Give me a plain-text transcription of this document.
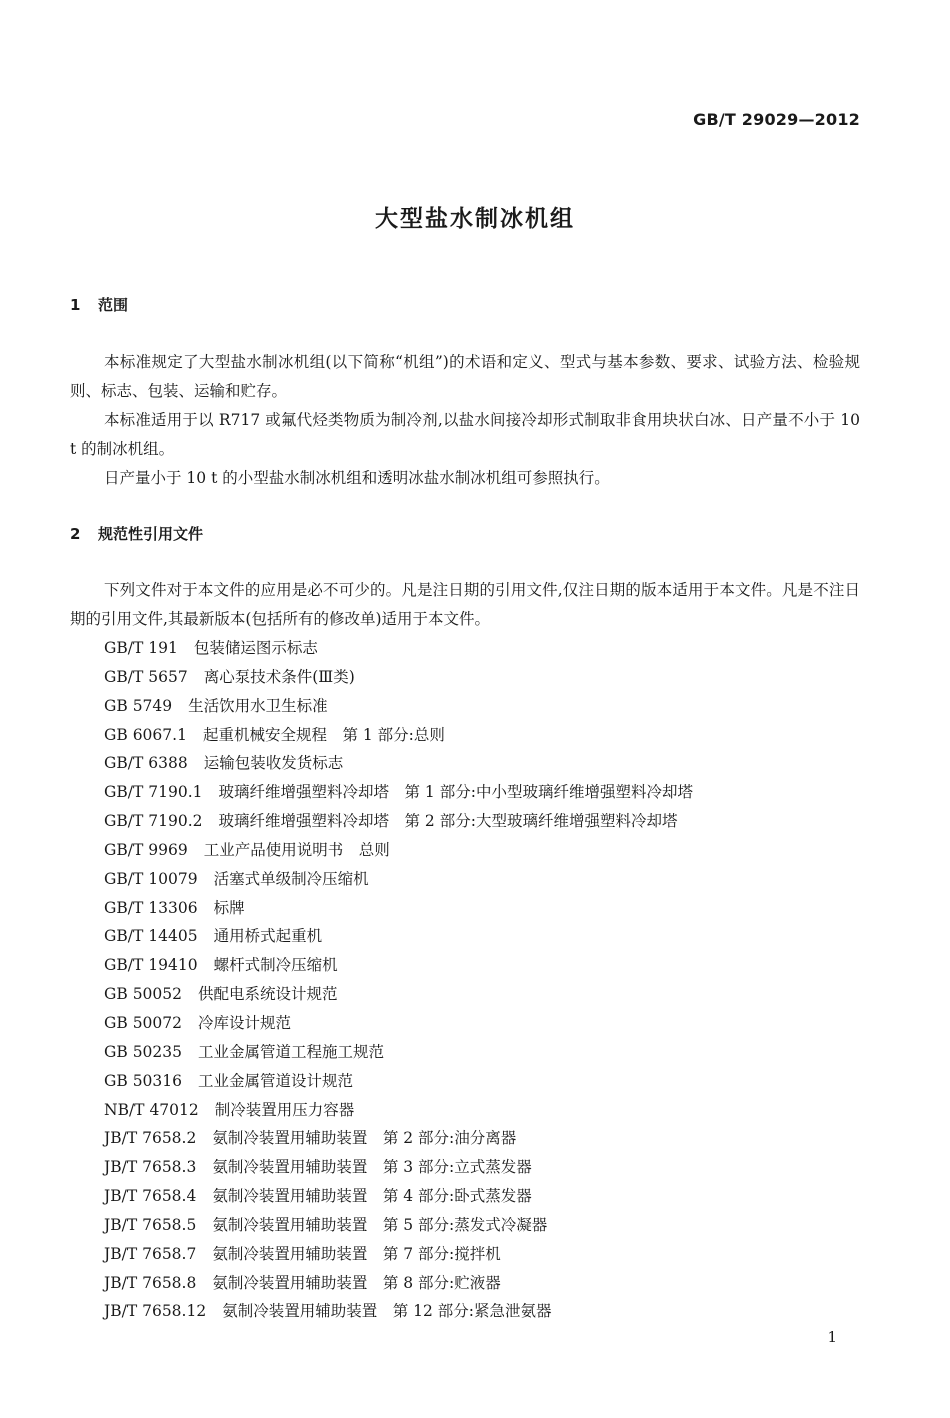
GB/T 29029—2012
大型盐水制冰机组
1 范围

本标准规定了大型盐水制冰机组(以下简称“机组”)的术语和定义、型式与基本参数、要求、试验方法、检验规则、标志、包装、运输和贮存。

本标准适用于以 R717 或氟代烃类物质为制冷剂,以盐水间接冷却形式制取非食用块状白冰、日产量不小于 10 t 的制冰机组。

日产量小于 10 t 的小型盐水制冰机组和透明冰盐水制冰机组可参照执行。

2 规范性引用文件

下列文件对于本文件的应用是必不可少的。凡是注日期的引用文件,仅注日期的版本适用于本文件。凡是不注日期的引用文件,其最新版本(包括所有的修改单)适用于本文件。

GB/T 191 包装储运图示标志
GB/T 5657 离心泵技术条件(Ⅲ类)
GB 5749 生活饮用水卫生标准
GB 6067.1 起重机械安全规程　第 1 部分:总则
GB/T 6388 运输包装收发货标志
GB/T 7190.1 玻璃纤维增强塑料冷却塔　第 1 部分:中小型玻璃纤维增强塑料冷却塔
GB/T 7190.2 玻璃纤维增强塑料冷却塔　第 2 部分:大型玻璃纤维增强塑料冷却塔
GB/T 9969 工业产品使用说明书　总则
GB/T 10079 活塞式单级制冷压缩机
GB/T 13306 标牌
GB/T 14405 通用桥式起重机
GB/T 19410 螺杆式制冷压缩机
GB 50052 供配电系统设计规范
GB 50072 冷库设计规范
GB 50235 工业金属管道工程施工规范
GB 50316 工业金属管道设计规范
NB/T 47012 制冷装置用压力容器
JB/T 7658.2 氨制冷装置用辅助装置　第 2 部分:油分离器
JB/T 7658.3 氨制冷装置用辅助装置　第 3 部分:立式蒸发器
JB/T 7658.4 氨制冷装置用辅助装置　第 4 部分:卧式蒸发器
JB/T 7658.5 氨制冷装置用辅助装置　第 5 部分:蒸发式冷凝器
JB/T 7658.7 氨制冷装置用辅助装置　第 7 部分:搅拌机
JB/T 7658.8 氨制冷装置用辅助装置　第 8 部分:贮液器
JB/T 7658.12 氨制冷装置用辅助装置　第 12 部分:紧急泄氨器
1
